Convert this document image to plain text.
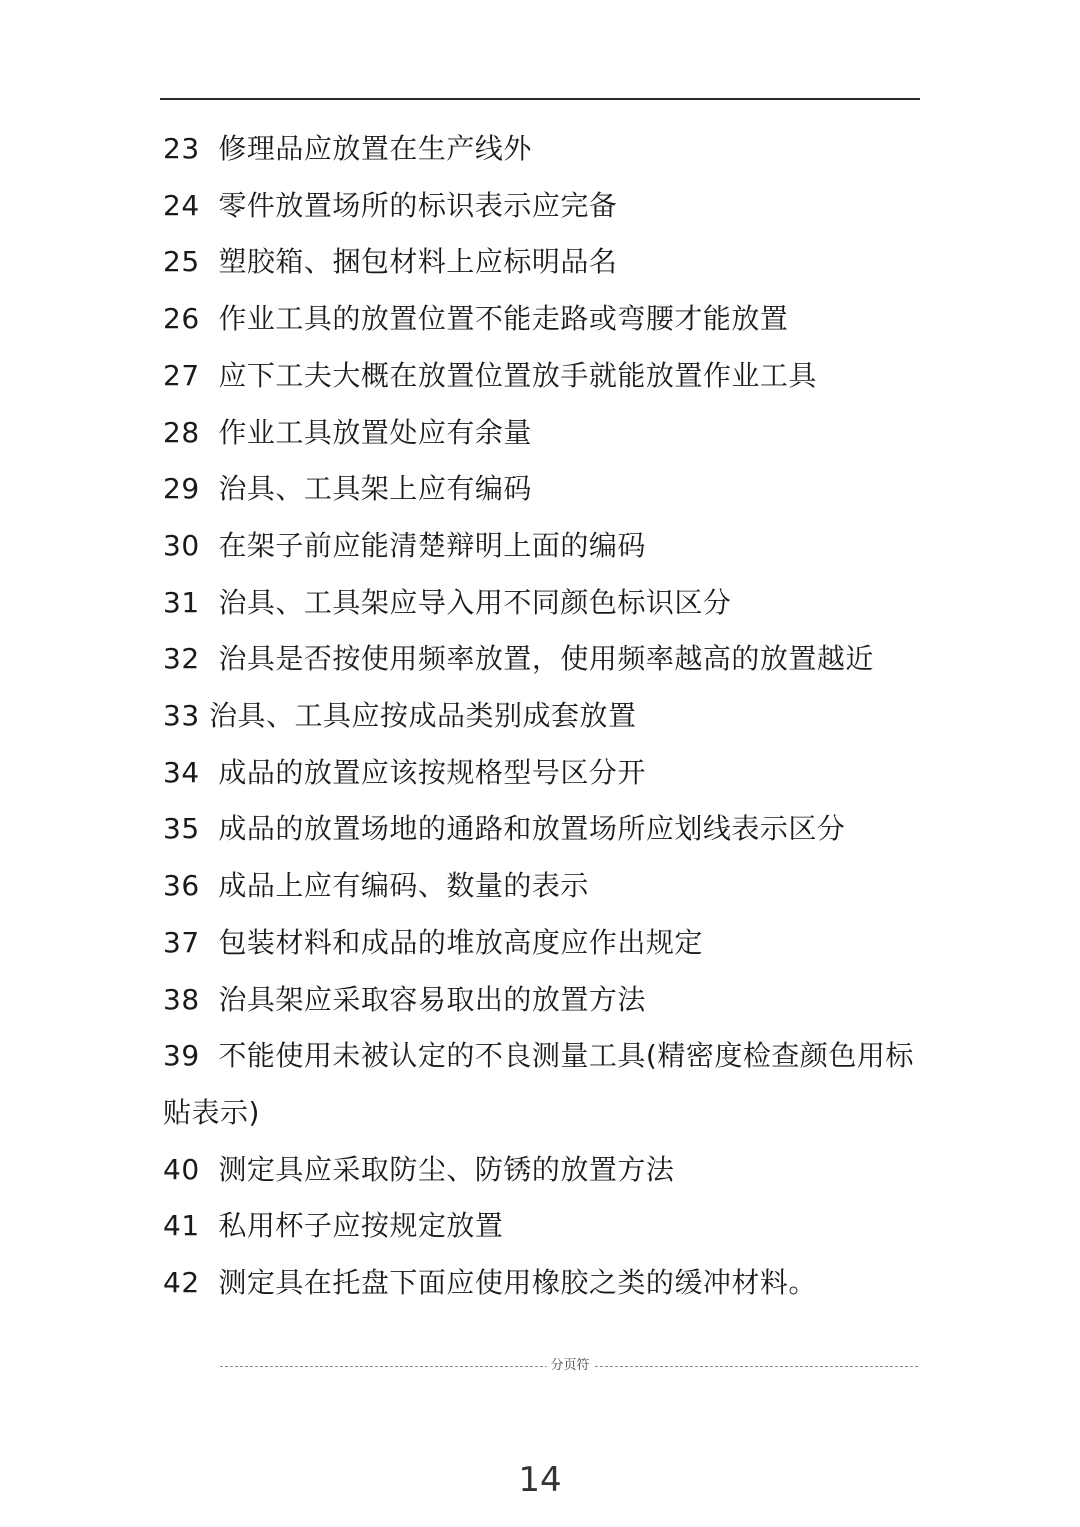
23  修理品应放置在生产线外
24  零件放置场所的标识表示应完备
25  塑胶箱、捆包材料上应标明品名
26  作业工具的放置位置不能走路或弯腰才能放置
27  应下工夫大概在放置位置放手就能放置作业工具
28  作业工具放置处应有余量
29  治具、工具架上应有编码
30  在架子前应能清楚辩明上面的编码
31  治具、工具架应导入用不同颜色标识区分
32  治具是否按使用频率放置，使用频率越高的放置越近
33 治具、工具应按成品类别成套放置
34  成品的放置应该按规格型号区分开
35  成品的放置场地的通路和放置场所应划线表示区分
36  成品上应有编码、数量的表示
37  包装材料和成品的堆放高度应作出规定
38  治具架应采取容易取出的放置方法
39  不能使用未被认定的不良测量工具(精密度检查颜色用标贴表示)
40  测定具应采取防尘、防锈的放置方法
41  私用杯子应按规定放置
42  测定具在托盘下面应使用橡胶之类的缓冲材料。
分页符
14
